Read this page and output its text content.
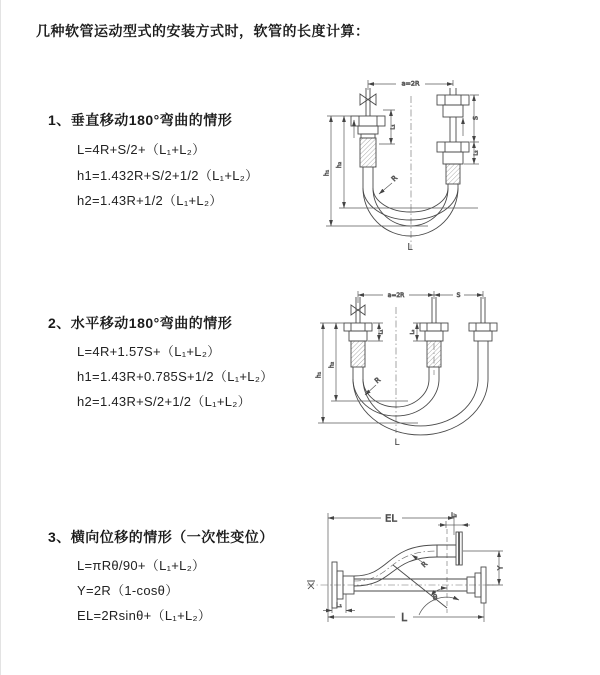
几种软管运动型式的安装方式时，软管的长度计算：
1、垂直移动180°弯曲的情形
L=4R+S/2+（L₁+L₂）
h1=1.432R+S/2+1/2（L₁+L₂）
h2=1.43R+1/2（L₁+L₂）
a=2R
L₁
S
L₂
h₂
h₁
R
L
2、水平移动180°弯曲的情形
L=4R+1.57S+（L₁+L₂）
h1=1.43R+0.785S+1/2（L₁+L₂）
h2=1.43R+S/2+1/2（L₁+L₂）
a=2R	S
L₁	L₂
h₂
h₁
R
L
3、横向位移的情形（一次性变位）
L=πRθ/90+（L₁+L₂）
Y=2R（1-cosθ）
EL=2Rsinθ+（L₁+L₂）
θ
EL	L₂
Y
R
L
L₁
